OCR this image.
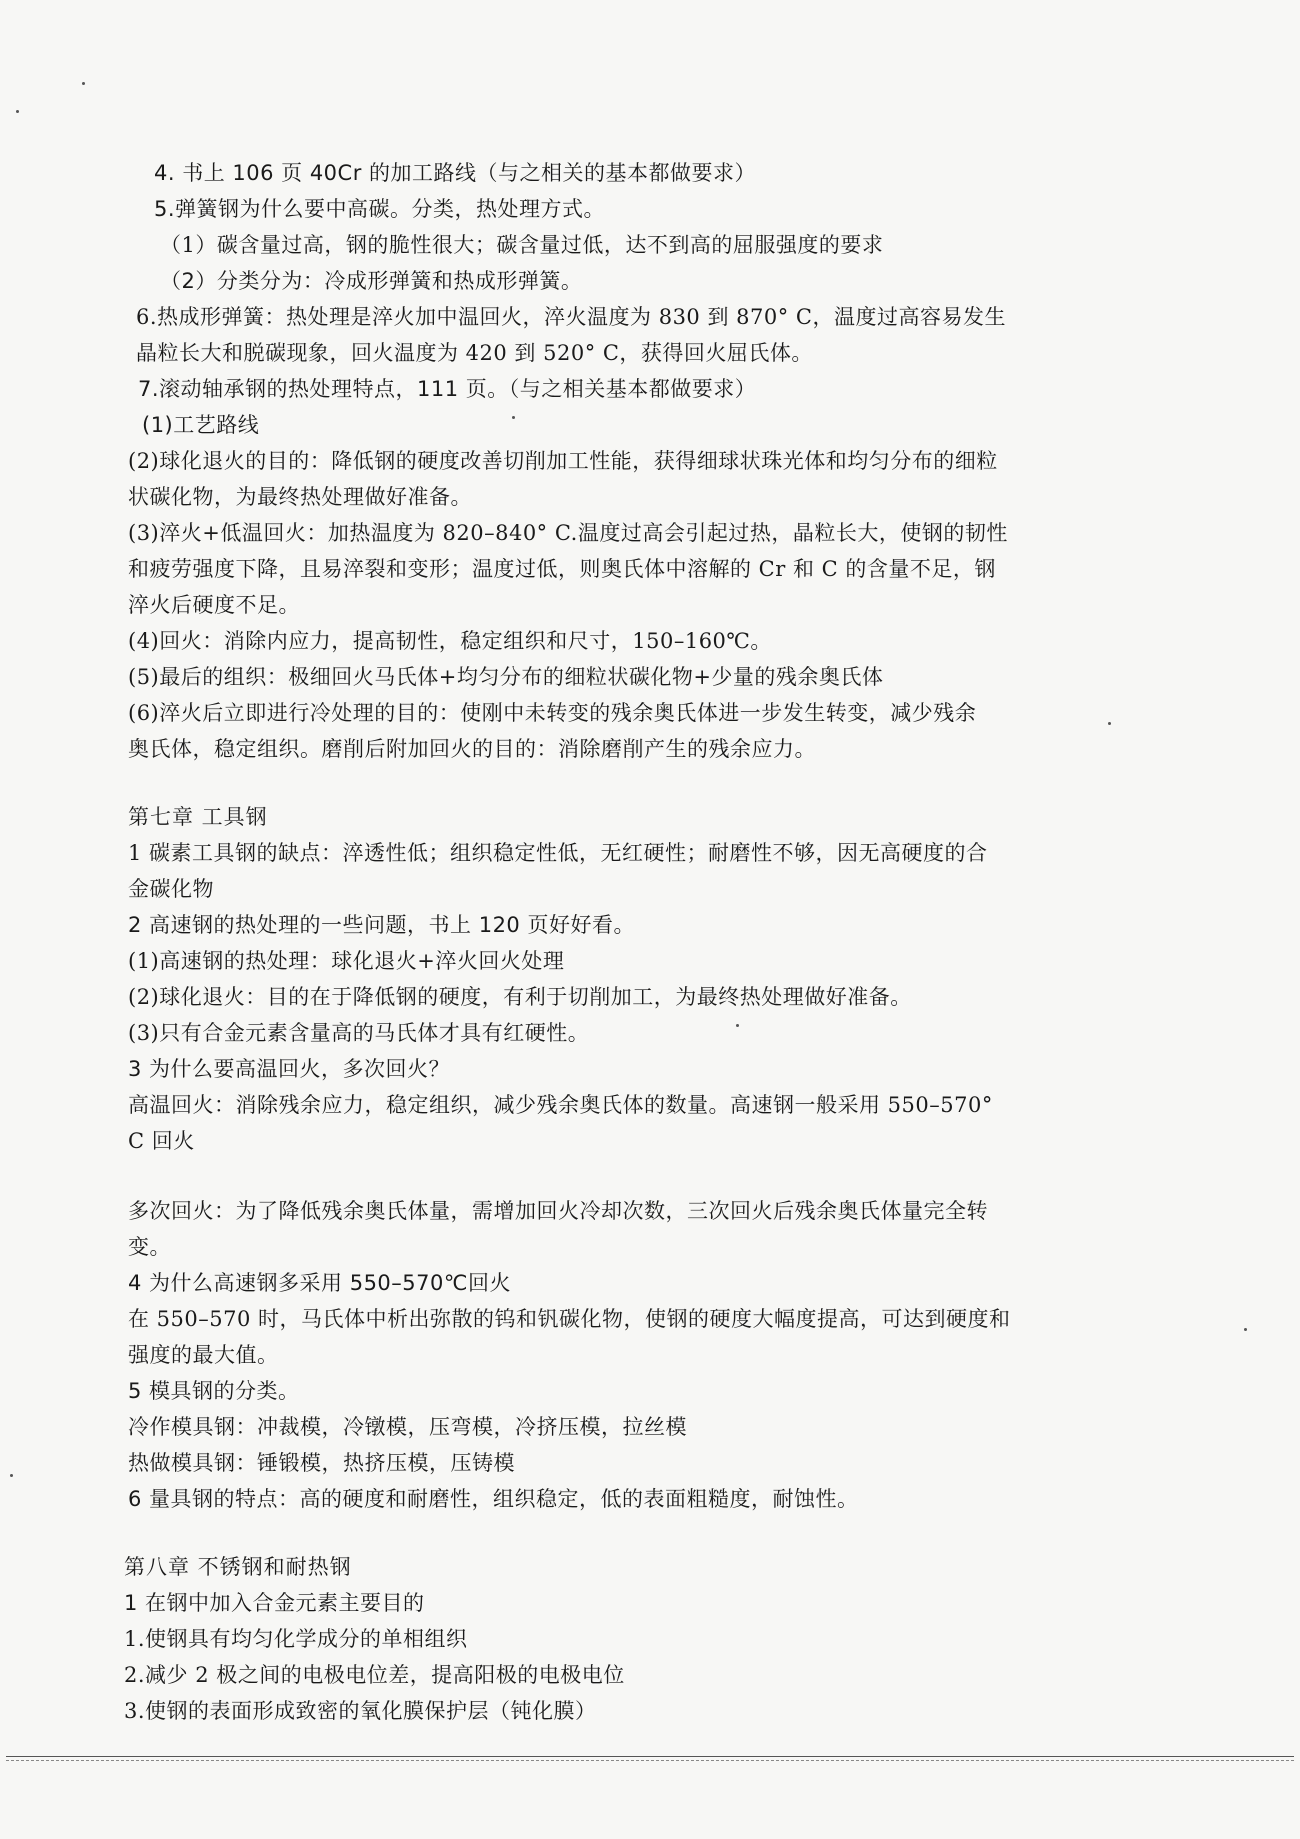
4. 书上 106 页 40Cr 的加工路线（与之相关的基本都做要求）

5.弹簧钢为什么要中高碳。分类，热处理方式。

（1）碳含量过高，钢的脆性很大；碳含量过低，达不到高的屈服强度的要求

（2）分类分为：冷成形弹簧和热成形弹簧。

6.热成形弹簧：热处理是淬火加中温回火，淬火温度为 830 到 870° C，温度过高容易发生

晶粒长大和脱碳现象，回火温度为 420 到 520° C，获得回火屈氏体。

7.滚动轴承钢的热处理特点，111 页。（与之相关基本都做要求）

(1)工艺路线

(2)球化退火的目的：降低钢的硬度改善切削加工性能，获得细球状珠光体和均匀分布的细粒

状碳化物，为最终热处理做好准备。

(3)淬火+低温回火：加热温度为 820–840° C.温度过高会引起过热，晶粒长大，使钢的韧性

和疲劳强度下降，且易淬裂和变形；温度过低，则奥氏体中溶解的 Cr 和 C 的含量不足，钢

淬火后硬度不足。

(4)回火：消除内应力，提高韧性，稳定组织和尺寸，150–160℃。

(5)最后的组织：极细回火马氏体+均匀分布的细粒状碳化物+少量的残余奥氏体

(6)淬火后立即进行冷处理的目的：使刚中未转变的残余奥氏体进一步发生转变，减少残余

奥氏体，稳定组织。磨削后附加回火的目的：消除磨削产生的残余应力。

第七章 工具钢

1 碳素工具钢的缺点：淬透性低；组织稳定性低，无红硬性；耐磨性不够，因无高硬度的合

金碳化物

2 高速钢的热处理的一些问题，书上 120 页好好看。

(1)高速钢的热处理：球化退火+淬火回火处理

(2)球化退火：目的在于降低钢的硬度，有利于切削加工，为最终热处理做好准备。

(3)只有合金元素含量高的马氏体才具有红硬性。

3 为什么要高温回火，多次回火？

高温回火：消除残余应力，稳定组织，减少残余奥氏体的数量。高速钢一般采用 550–570°

C 回火

多次回火：为了降低残余奥氏体量，需增加回火冷却次数，三次回火后残余奥氏体量完全转

变。

4 为什么高速钢多采用 550–570℃回火

在 550–570 时，马氏体中析出弥散的钨和钒碳化物，使钢的硬度大幅度提高，可达到硬度和

强度的最大值。

5 模具钢的分类。

冷作模具钢：冲裁模，冷镦模，压弯模，冷挤压模，拉丝模

热做模具钢：锤锻模，热挤压模，压铸模

6 量具钢的特点：高的硬度和耐磨性，组织稳定，低的表面粗糙度，耐蚀性。

第八章 不锈钢和耐热钢

1 在钢中加入合金元素主要目的

1.使钢具有均匀化学成分的单相组织

2.减少 2 极之间的电极电位差，提高阳极的电极电位

3.使钢的表面形成致密的氧化膜保护层（钝化膜）
